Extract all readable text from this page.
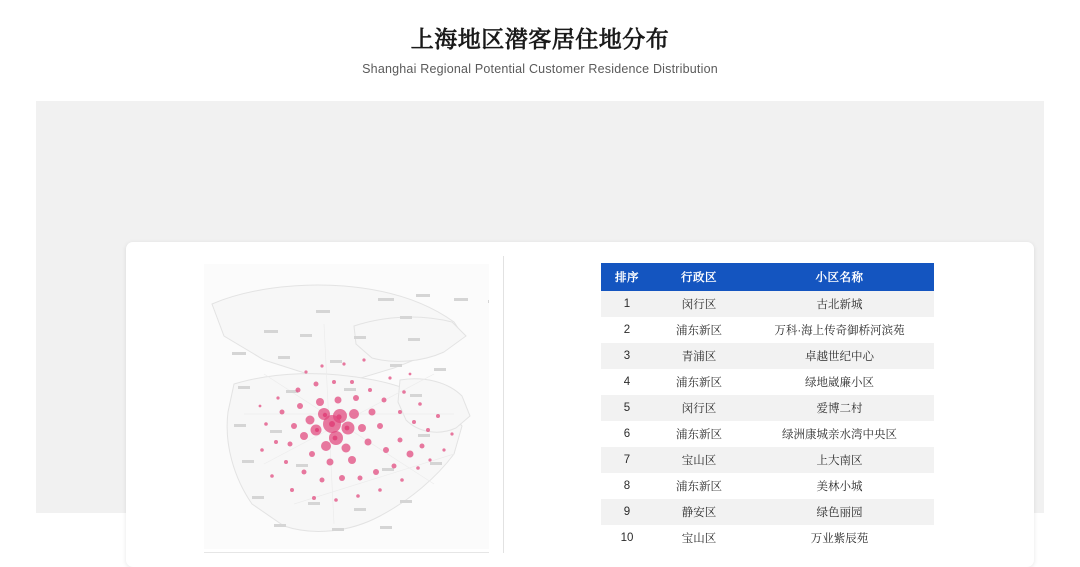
上海地区潜客居住地分布
Shanghai Regional Potential Customer Residence Distribution
排序	行政区	小区名称
1	闵行区	古北新城
2	浦东新区	万科·海上传奇御桥河滨苑
3	青浦区	卓越世纪中心
4	浦东新区	绿地崴廉小区
5	闵行区	爱博二村
6	浦东新区	绿洲康城亲水湾中央区
7	宝山区	上大南区
8	浦东新区	美林小城
9	静安区	绿色丽园
10	宝山区	万业紫辰苑
